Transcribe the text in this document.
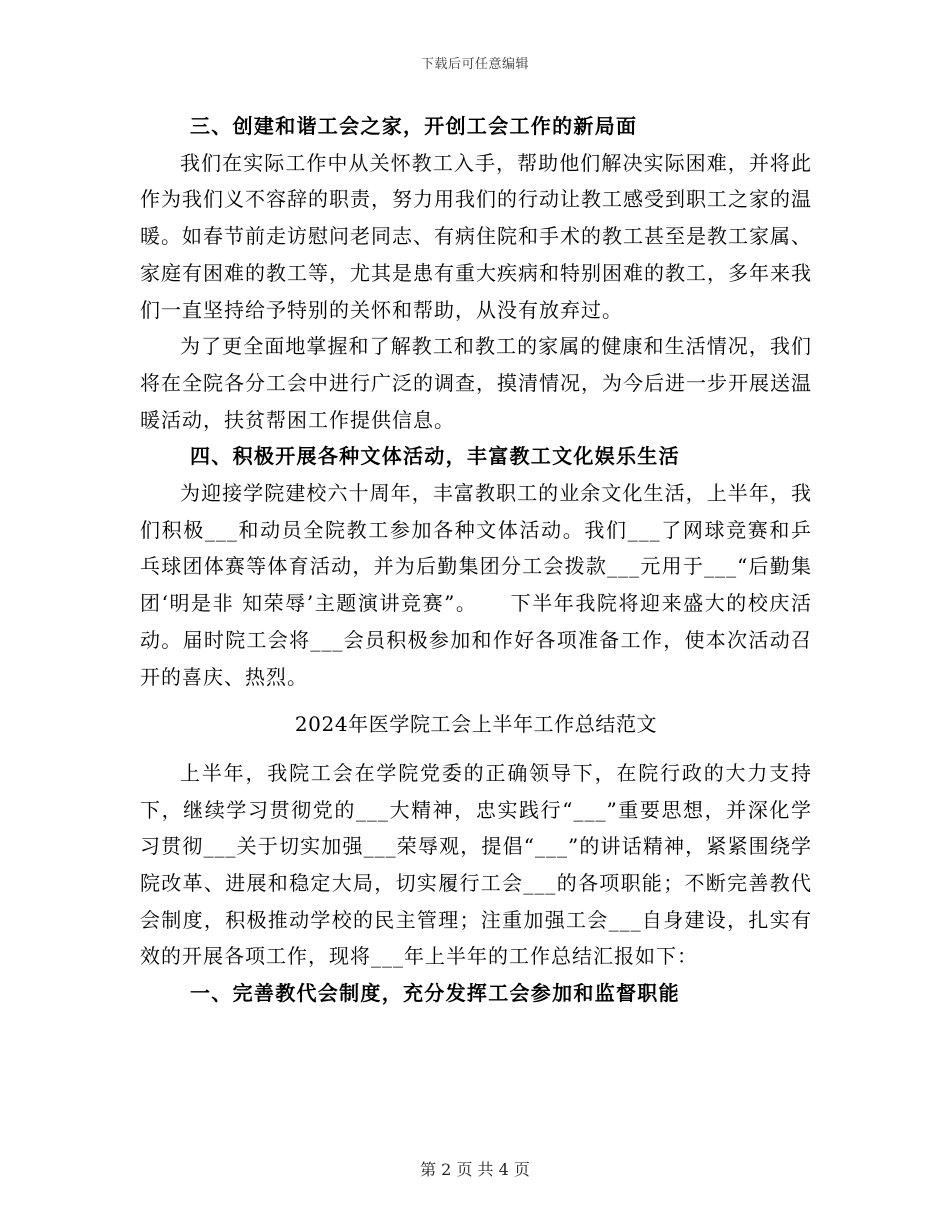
下载后可任意编辑

三、创建和谐工会之家，开创工会工作的新局面

我们在实际工作中从关怀教工入手，帮助他们解决实际困难，并将此作为我们义不容辞的职责，努力用我们的行动让教工感受到职工之家的温暖。如春节前走访慰问老同志、有病住院和手术的教工甚至是教工家属、家庭有困难的教工等，尤其是患有重大疾病和特别困难的教工，多年来我们一直坚持给予特别的关怀和帮助，从没有放弃过。

为了更全面地掌握和了解教工和教工的家属的健康和生活情况，我们将在全院各分工会中进行广泛的调查，摸清情况，为今后进一步开展送温暖活动，扶贫帮困工作提供信息。

四、积极开展各种文体活动，丰富教工文化娱乐生活

为迎接学院建校六十周年，丰富教职工的业余文化生活，上半年，我们积极___和动员全院教工参加各种文体活动。我们___了网球竞赛和乒乓球团体赛等体育活动，并为后勤集团分工会拨款___元用于___“后勤集团‘明是非 知荣辱’主题演讲竞赛”。　　下半年我院将迎来盛大的校庆活动。届时院工会将___会员积极参加和作好各项准备工作，使本次活动召开的喜庆、热烈。

2024年医学院工会上半年工作总结范文

上半年，我院工会在学院党委的正确领导下，在院行政的大力支持下，继续学习贯彻党的___大精神，忠实践行“___”重要思想，并深化学习贯彻___关于切实加强___荣辱观，提倡“___”的讲话精神，紧紧围绕学院改革、进展和稳定大局，切实履行工会___的各项职能；不断完善教代会制度，积极推动学校的民主管理；注重加强工会___自身建设，扎实有效的开展各项工作，现将___年上半年的工作总结汇报如下：

一、完善教代会制度，充分发挥工会参加和监督职能

第 2 页 共 4 页
